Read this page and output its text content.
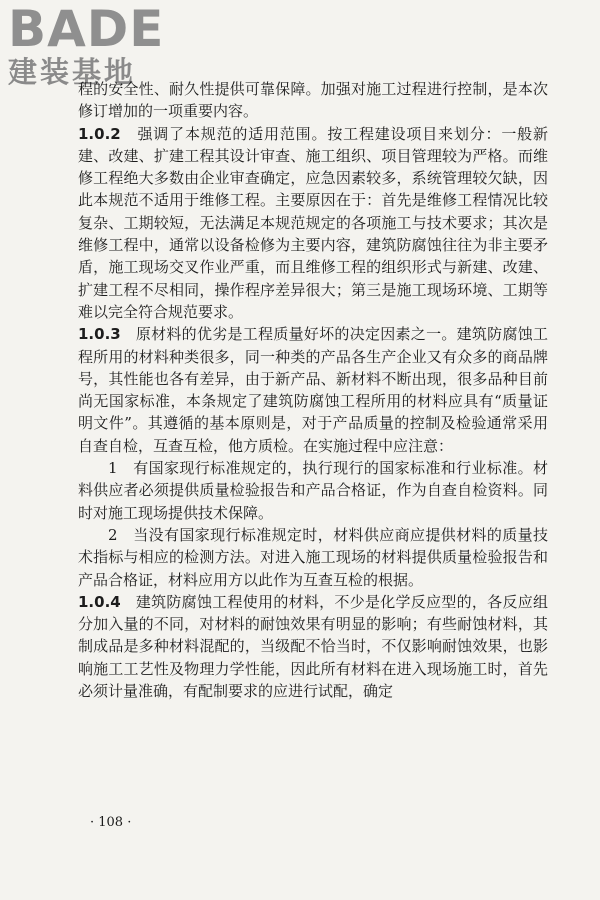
BADE
建装基地

程的安全性、耐久性提供可靠保障。加强对施工过程进行控制，是本次修订增加的一项重要内容。

1.0.2 强调了本规范的适用范围。按工程建设项目来划分：一般新建、改建、扩建工程其设计审查、施工组织、项目管理较为严格。而维修工程绝大多数由企业审查确定，应急因素较多，系统管理较欠缺，因此本规范不适用于维修工程。主要原因在于：首先是维修工程情况比较复杂、工期较短，无法满足本规范规定的各项施工与技术要求；其次是维修工程中，通常以设备检修为主要内容，建筑防腐蚀往往为非主要矛盾，施工现场交叉作业严重，而且维修工程的组织形式与新建、改建、扩建工程不尽相同，操作程序差异很大；第三是施工现场环境、工期等难以完全符合规范要求。

1.0.3 原材料的优劣是工程质量好坏的决定因素之一。建筑防腐蚀工程所用的材料种类很多，同一种类的产品各生产企业又有众多的商品牌号，其性能也各有差异，由于新产品、新材料不断出现，很多品种目前尚无国家标准，本条规定了建筑防腐蚀工程所用的材料应具有“质量证明文件”。其遵循的基本原则是，对于产品质量的控制及检验通常采用自查自检，互查互检，他方质检。在实施过程中应注意：

1　有国家现行标准规定的，执行现行的国家标准和行业标准。材料供应者必须提供质量检验报告和产品合格证，作为自查自检资料。同时对施工现场提供技术保障。

2　当没有国家现行标准规定时，材料供应商应提供材料的质量技术指标与相应的检测方法。对进入施工现场的材料提供质量检验报告和产品合格证，材料应用方以此作为互查互检的根据。

1.0.4 建筑防腐蚀工程使用的材料，不少是化学反应型的，各反应组分加入量的不同，对材料的耐蚀效果有明显的影响；有些耐蚀材料，其制成品是多种材料混配的，当级配不恰当时，不仅影响耐蚀效果，也影响施工工艺性及物理力学性能，因此所有材料在进入现场施工时，首先必须计量准确，有配制要求的应进行试配，确定

· 108 ·
